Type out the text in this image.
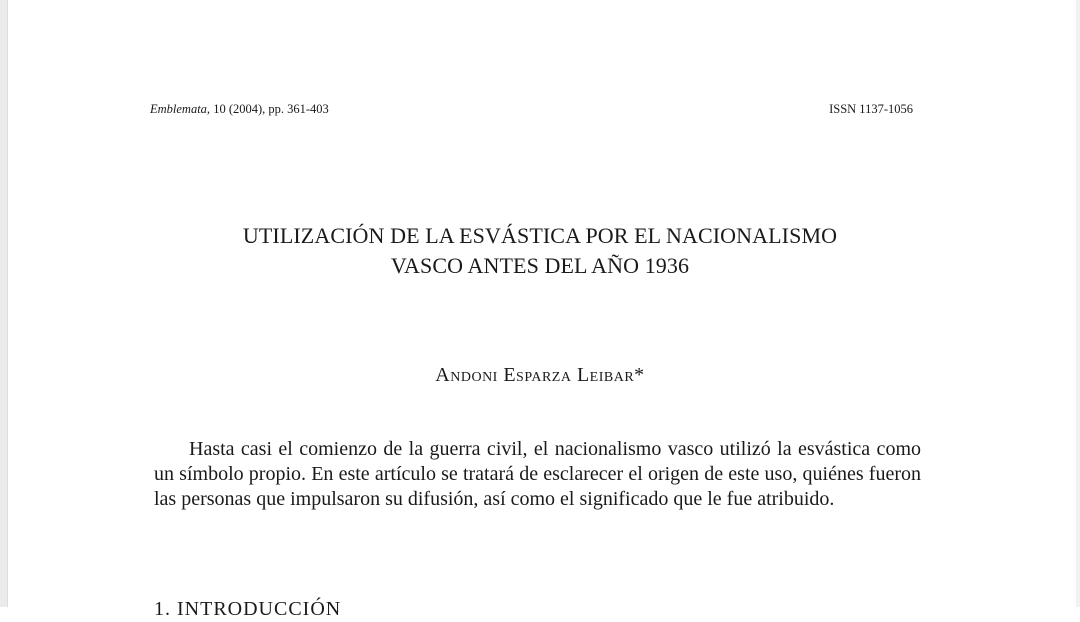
Emblemata, 10 (2004), pp. 361-403	ISSN 1137-1056
UTILIZACIÓN DE LA ESVÁSTICA POR EL NACIONALISMO
VASCO ANTES DEL AÑO 1936
Andoni Esparza Leibar*

Hasta casi el comienzo de la guerra civil, el nacionalismo vasco utilizó la esvástica como un símbolo propio. En este artículo se tratará de esclarecer el origen de este uso, quiénes fueron las personas que impulsaron su difusión, así como el significado que le fue atribuido.

1. INTRODUCCIÓN
